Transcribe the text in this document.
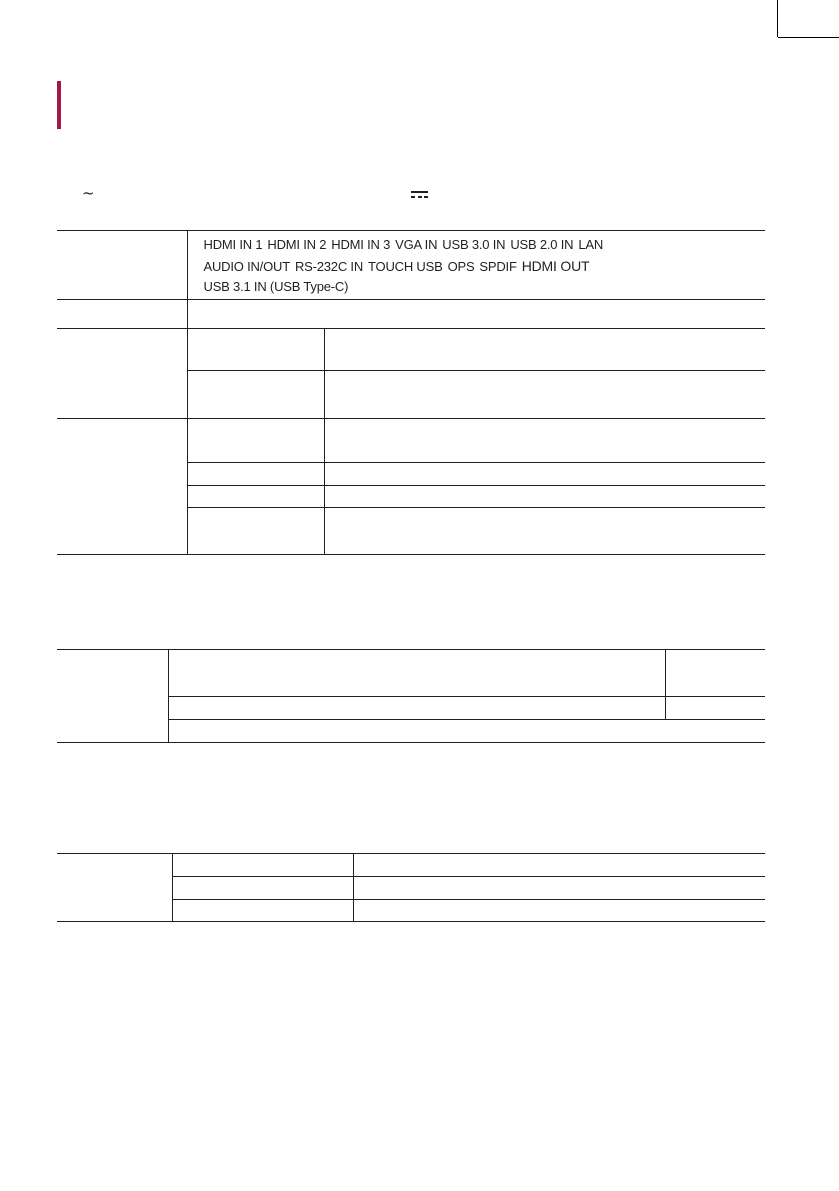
~

	HDMI IN 1 HDMI IN 2 HDMI IN 3 VGA IN USB 3.0 IN USB 2.0 IN LAN
AUDIO IN/OUT RS-232C IN TOUCH USB OPS SPDIF HDMI OUT
USB 3.1 IN (USB Type-C)	
